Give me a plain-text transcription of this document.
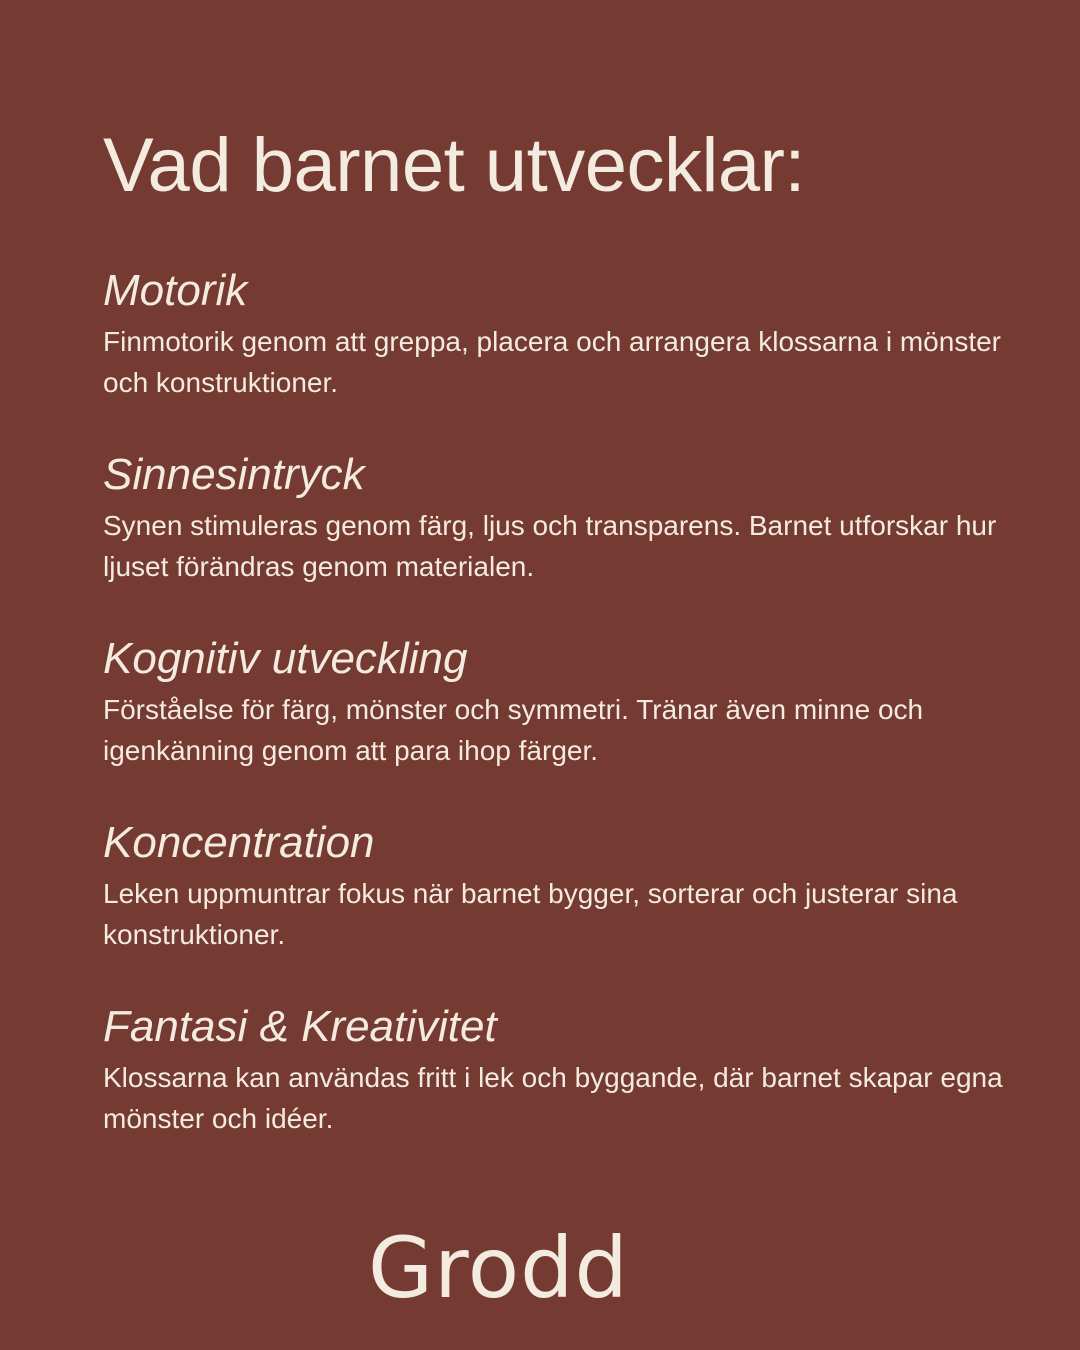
Vad barnet utvecklar:
Motorik

Finmotorik genom att greppa, placera och arrangera klossarna i mönster och konstruktioner.

Sinnesintryck

Synen stimuleras genom färg, ljus och transparens. Barnet utforskar hur ljuset förändras genom materialen.

Kognitiv utveckling

Förståelse för färg, mönster och symmetri. Tränar även minne och igenkänning genom att para ihop färger.

Koncentration

Leken uppmuntrar fokus när barnet bygger, sorterar och justerar sina konstruktioner.

Fantasi & Kreativitet

Klossarna kan användas fritt i lek och byggande, där barnet skapar egna mönster och idéer.

Grodd
